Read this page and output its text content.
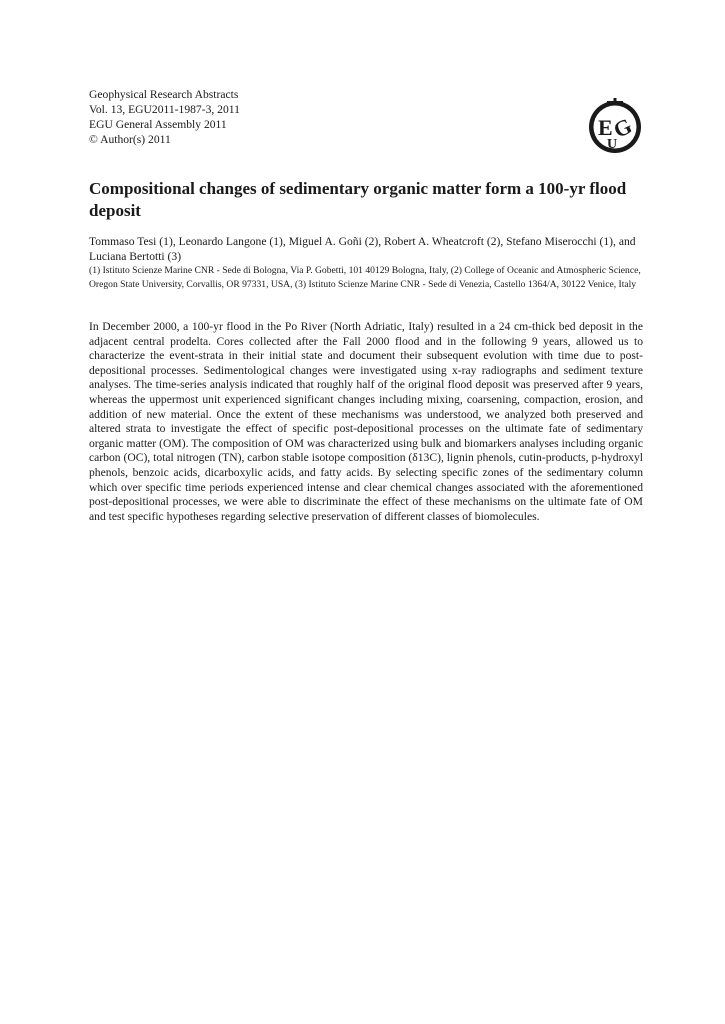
Geophysical Research Abstracts
Vol. 13, EGU2011-1987-3, 2011
EGU General Assembly 2011
© Author(s) 2011	E
G
U
Compositional changes of sedimentary organic matter form a 100-yr flood deposit
Tommaso Tesi (1), Leonardo Langone (1), Miguel A. Goñi (2), Robert A. Wheatcroft (2), Stefano Miserocchi (1), and Luciana Bertotti (3)
(1) Istituto Scienze Marine CNR - Sede di Bologna, Via P. Gobetti, 101 40129 Bologna, Italy, (2) College of Oceanic and Atmospheric Science, Oregon State University, Corvallis, OR 97331, USA, (3) Istituto Scienze Marine CNR - Sede di Venezia, Castello 1364/A, 30122 Venice, Italy
In December 2000, a 100-yr flood in the Po River (North Adriatic, Italy) resulted in a 24 cm-thick bed deposit in the adjacent central prodelta. Cores collected after the Fall 2000 flood and in the following 9 years, allowed us to characterize the event-strata in their initial state and document their subsequent evolution with time due to post-depositional processes. Sedimentological changes were investigated using x-ray radiographs and sediment texture analyses. The time-series analysis indicated that roughly half of the original flood deposit was preserved after 9 years, whereas the uppermost unit experienced significant changes including mixing, coarsening, compaction, erosion, and addition of new material. Once the extent of these mechanisms was understood, we analyzed both preserved and altered strata to investigate the effect of specific post-depositional processes on the ultimate fate of sedimentary organic matter (OM). The composition of OM was characterized using bulk and biomarkers analyses including organic carbon (OC), total nitrogen (TN), carbon stable isotope composition (δ13C), lignin phenols, cutin-products, p-hydroxyl phenols, benzoic acids, dicarboxylic acids, and fatty acids. By selecting specific zones of the sedimentary column which over specific time periods experienced intense and clear chemical changes associated with the aforementioned post-depositional processes, we were able to discriminate the effect of these mechanisms on the ultimate fate of OM and test specific hypotheses regarding selective preservation of different classes of biomolecules.
